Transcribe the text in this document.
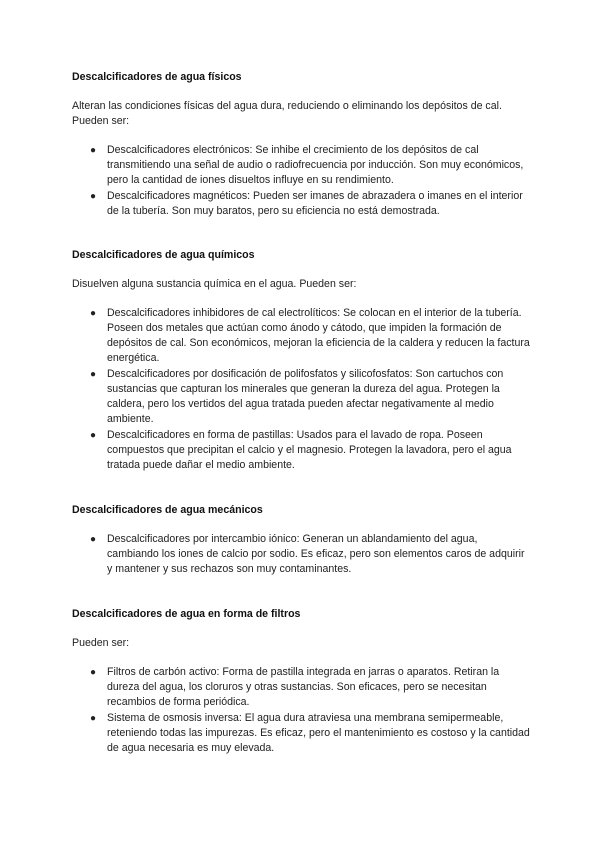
Descalcificadores de agua físicos

Alteran las condiciones físicas del agua dura, reduciendo o eliminando los depósitos de cal. Pueden ser:

● Descalcificadores electrónicos: Se inhibe el crecimiento de los depósitos de cal transmitiendo una señal de audio o radiofrecuencia por inducción. Son muy económicos, pero la cantidad de iones disueltos influye en su rendimiento.
● Descalcificadores magnéticos: Pueden ser imanes de abrazadera o imanes en el interior de la tubería. Son muy baratos, pero su eficiencia no está demostrada.

Descalcificadores de agua químicos

Disuelven alguna sustancia química en el agua. Pueden ser:

● Descalcificadores inhibidores de cal electrolíticos: Se colocan en el interior de la tubería. Poseen dos metales que actúan como ánodo y cátodo, que impiden la formación de depósitos de cal. Son económicos, mejoran la eficiencia de la caldera y reducen la factura energética.
● Descalcificadores por dosificación de polifosfatos y silicofosfatos: Son cartuchos con sustancias que capturan los minerales que generan la dureza del agua. Protegen la caldera, pero los vertidos del agua tratada pueden afectar negativamente al medio ambiente.
● Descalcificadores en forma de pastillas: Usados para el lavado de ropa. Poseen compuestos que precipitan el calcio y el magnesio. Protegen la lavadora, pero el agua tratada puede dañar el medio ambiente.

Descalcificadores de agua mecánicos

● Descalcificadores por intercambio iónico: Generan un ablandamiento del agua, cambiando los iones de calcio por sodio. Es eficaz, pero son elementos caros de adquirir y mantener y sus rechazos son muy contaminantes.

Descalcificadores de agua en forma de filtros

Pueden ser:

● Filtros de carbón activo: Forma de pastilla integrada en jarras o aparatos. Retiran la dureza del agua, los cloruros y otras sustancias. Son eficaces, pero se necesitan recambios de forma periódica.
● Sistema de osmosis inversa: El agua dura atraviesa una membrana semipermeable, reteniendo todas las impurezas. Es eficaz, pero el mantenimiento es costoso y la cantidad de agua necesaria es muy elevada.
